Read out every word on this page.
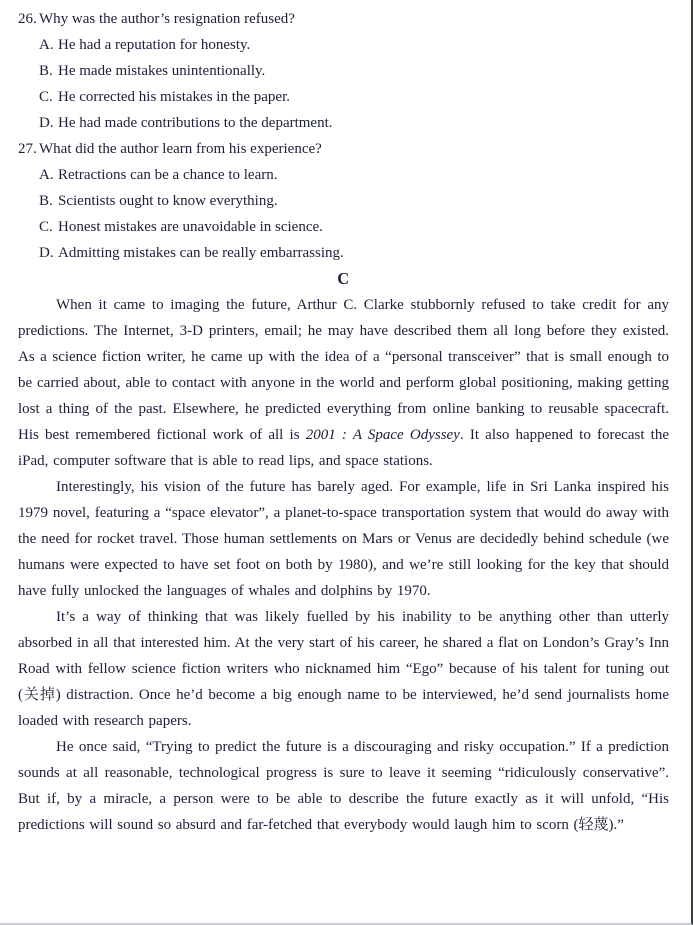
26. Why was the author’s resignation refused?
A. He had a reputation for honesty.
B. He made mistakes unintentionally.
C. He corrected his mistakes in the paper.
D. He had made contributions to the department.
27. What did the author learn from his experience?
A. Retractions can be a chance to learn.
B. Scientists ought to know everything.
C. Honest mistakes are unavoidable in science.
D. Admitting mistakes can be really embarrassing.
C
When it came to imaging the future, Arthur C. Clarke stubbornly refused to take credit for any predictions. The Internet, 3-D printers, email; he may have described them all long before they existed. As a science fiction writer, he came up with the idea of a “personal transceiver” that is small enough to be carried about, able to contact with anyone in the world and perform global positioning, making getting lost a thing of the past. Elsewhere, he predicted everything from online banking to reusable spacecraft. His best remembered fictional work of all is 2001 : A Space Odyssey. It also happened to forecast the iPad, computer software that is able to read lips, and space stations.
Interestingly, his vision of the future has barely aged. For example, life in Sri Lanka inspired his 1979 novel, featuring a “space elevator”, a planet-to-space transportation system that would do away with the need for rocket travel. Those human settlements on Mars or Venus are decidedly behind schedule (we humans were expected to have set foot on both by 1980), and we’re still looking for the key that should have fully unlocked the languages of whales and dolphins by 1970.
It’s a way of thinking that was likely fuelled by his inability to be anything other than utterly absorbed in all that interested him. At the very start of his career, he shared a flat on London’s Gray’s Inn Road with fellow science fiction writers who nicknamed him “Ego” because of his talent for tuning out (关掉) distraction. Once he’d become a big enough name to be interviewed, he’d send journalists home loaded with research papers.
He once said, “Trying to predict the future is a discouraging and risky occupation.” If a prediction sounds at all reasonable, technological progress is sure to leave it seeming “ridiculously conservative”. But if, by a miracle, a person were to be able to describe the future exactly as it will unfold, “His predictions will sound so absurd and far-fetched that everybody would laugh him to scorn (轻蔑).”
